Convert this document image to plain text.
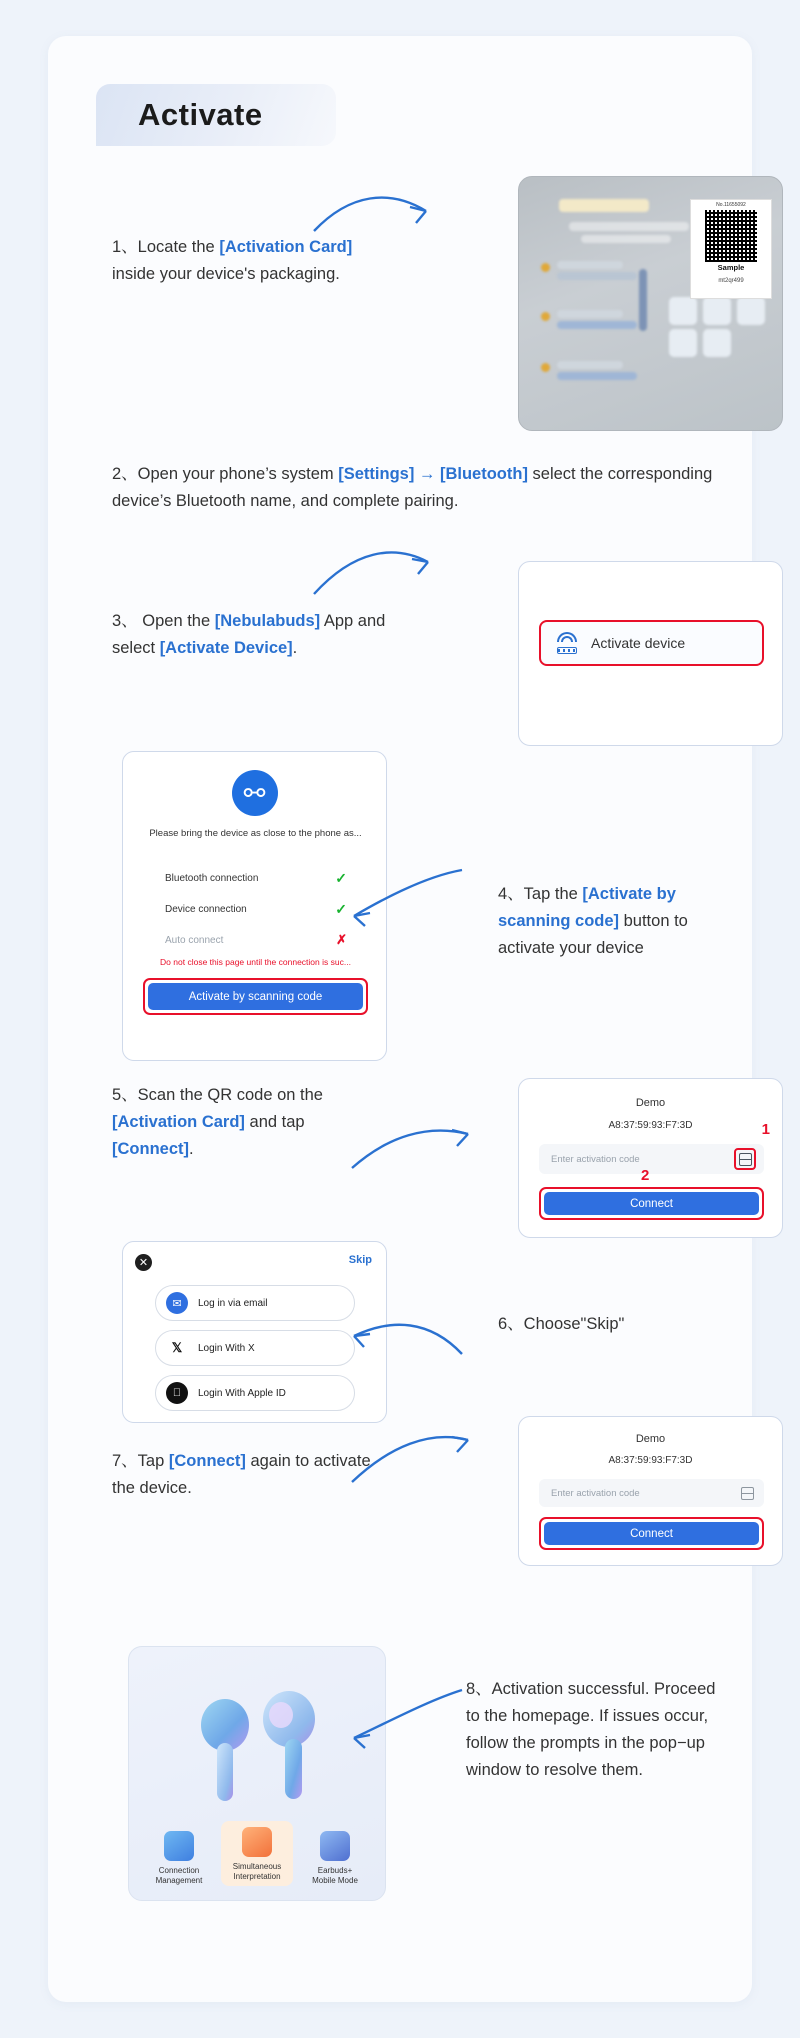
Activate
1、Locate the [Activation Card] inside your device's packaging.
No.11655092
Sample
mt2qr499
2、Open your phone’s system [Settings] → [Bluetooth] select the corresponding device’s Bluetooth name, and complete pairing.
3、 Open the [Nebulabuds] App and select [Activate Device].	Activate device
⚯
Please bring the device as close to the phone as...
Bluetooth connection	✓
Device connection	✓
Auto connect	✗
Do not close this page until the connection is suc...
Activate by scanning code
4、Tap the [Activate by scanning code] button to activate your device
5、Scan the QR code on the [Activation Card] and tap [Connect].
Demo
A8:37:59:93:F7:3D
Enter activation code
1
2
Connect
✕	Skip
✉	Log in via email
𝕏	Login With X
Login With Apple ID
6、Choose"Skip"
Demo
A8:37:59:93:F7:3D
Enter activation code
Connect
7、Tap [Connect] again to activate the device.
Connection
Management
Simultaneous
Interpretation
Earbuds+
Mobile Mode
8、Activation successful. Proceed to the homepage. If issues occur, follow the prompts in the pop−up window to resolve them.
